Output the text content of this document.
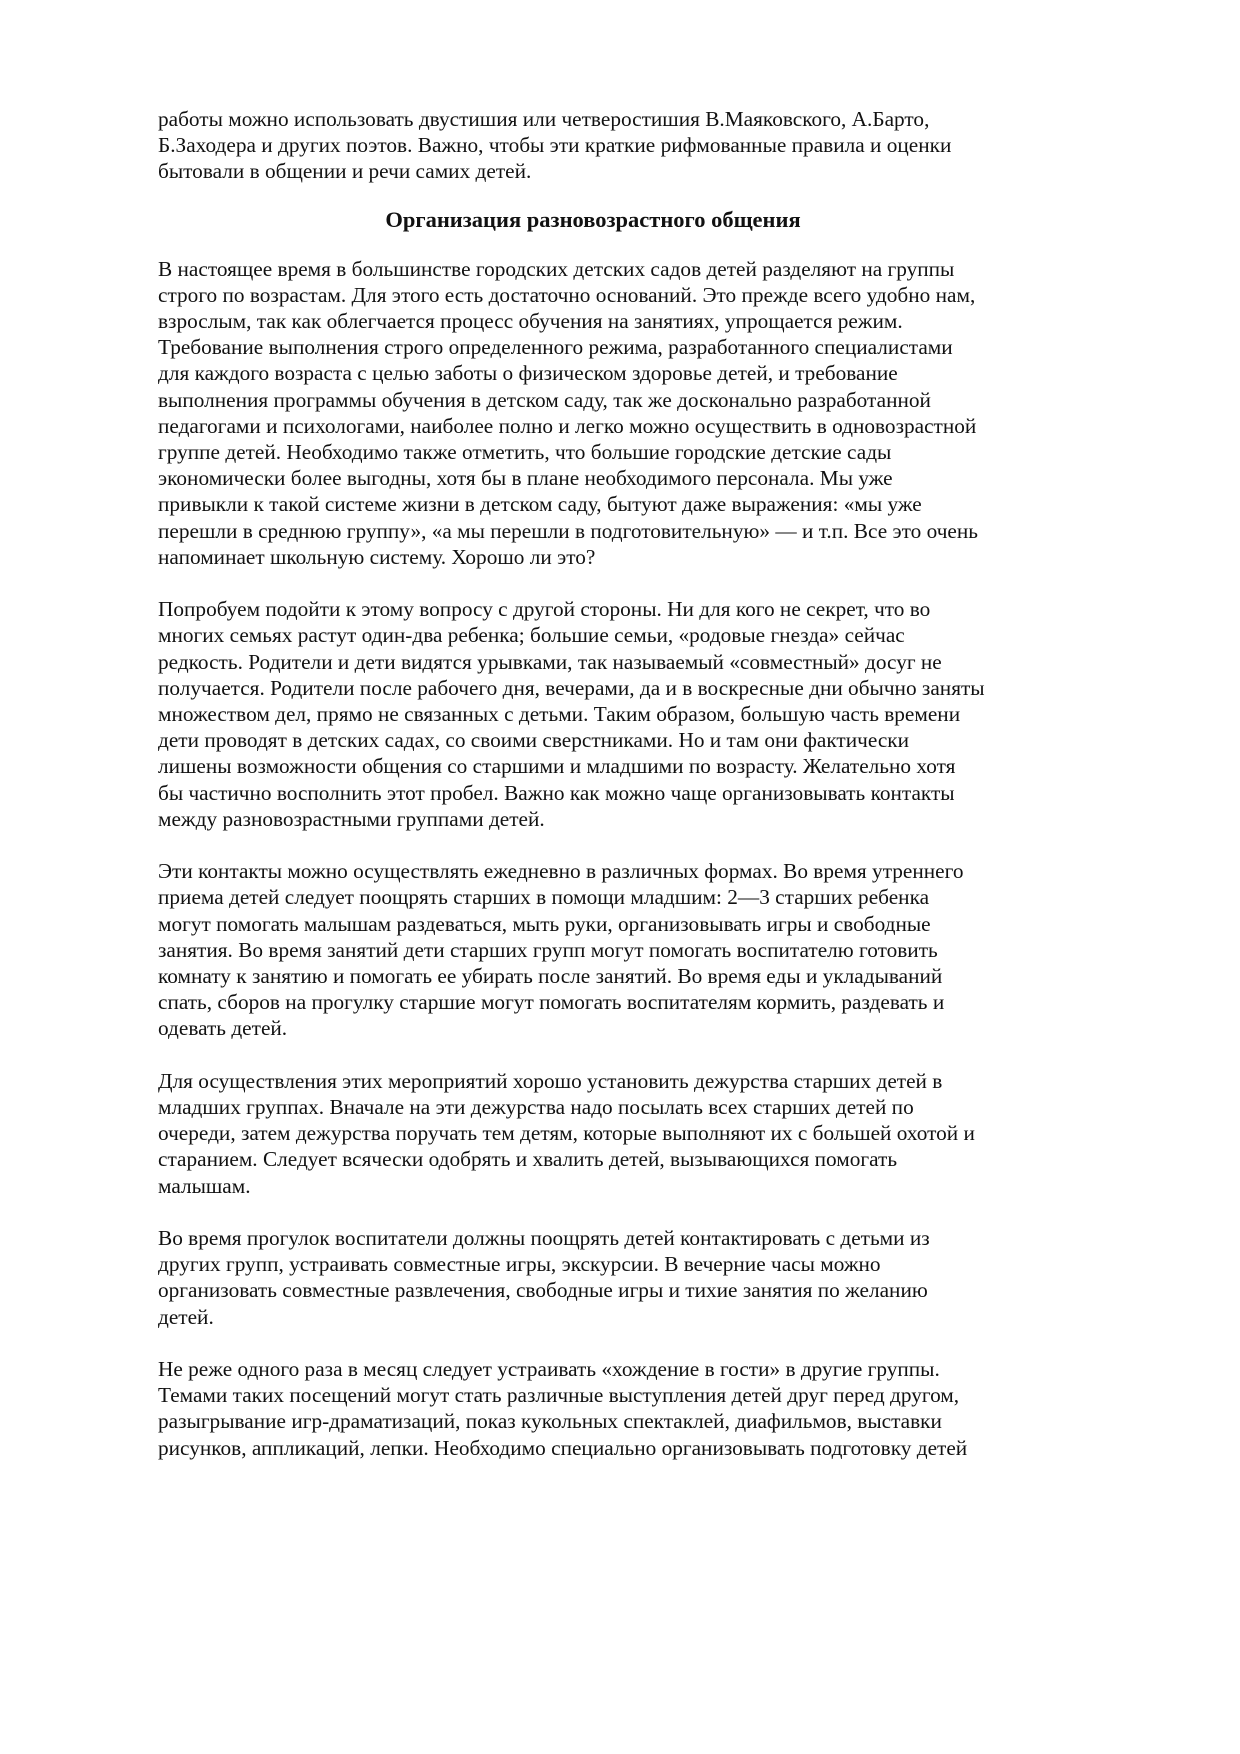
работы можно использовать двустишия или четверостишия В.Маяковского, А.Барто,
Б.Заходера и других поэтов. Важно, чтобы эти краткие рифмованные правила и оценки
бытовали в общении и речи самих детей.
Организация разновозрастного общения
В настоящее время в большинстве городских детских садов детей разделяют на группы
строго по возрастам. Для этого есть достаточно оснований. Это прежде всего удобно нам,
взрослым, так как облегчается процесс обучения на занятиях, упрощается режим.
Требование выполнения строго определенного режима, разработанного специалистами
для каждого возраста с целью заботы о физическом здоровье детей, и требование
выполнения программы обучения в детском саду, так же досконально разработанной
педагогами и психологами, наиболее полно и легко можно осуществить в одновозрастной
группе детей. Необходимо также отметить, что большие городские детские сады
экономически более выгодны, хотя бы в плане необходимого персонала. Мы уже
привыкли к такой системе жизни в детском саду, бытуют даже выражения: «мы уже
перешли в среднюю группу», «а мы перешли в подготовительную» — и т.п. Все это очень
напоминает школьную систему. Хорошо ли это?
Попробуем подойти к этому вопросу с другой стороны. Ни для кого не секрет, что во
многих семьях растут один-два ребенка; большие семьи, «родовые гнезда» сейчас
редкость. Родители и дети видятся урывками, так называемый «совместный» досуг не
получается. Родители после рабочего дня, вечерами, да и в воскресные дни обычно заняты
множеством дел, прямо не связанных с детьми. Таким образом, большую часть времени
дети проводят в детских садах, со своими сверстниками. Но и там они фактически
лишены возможности общения со старшими и младшими по возрасту. Желательно хотя
бы частично восполнить этот пробел. Важно как можно чаще организовывать контакты
между разновозрастными группами детей.
Эти контакты можно осуществлять ежедневно в различных формах. Во время утреннего
приема детей следует поощрять старших в помощи младшим: 2—3 старших ребенка
могут помогать малышам раздеваться, мыть руки, организовывать игры и свободные
занятия. Во время занятий дети старших групп могут помогать воспитателю готовить
комнату к занятию и помогать ее убирать после занятий. Во время еды и укладываний
спать, сборов на прогулку старшие могут помогать воспитателям кормить, раздевать и
одевать детей.
Для осуществления этих мероприятий хорошо установить дежурства старших детей в
младших группах. Вначале на эти дежурства надо посылать всех старших детей по
очереди, затем дежурства поручать тем детям, которые выполняют их с большей охотой и
старанием. Следует всячески одобрять и хвалить детей, вызывающихся помогать
малышам.
Во время прогулок воспитатели должны поощрять детей контактировать с детьми из
других групп, устраивать совместные игры, экскурсии. В вечерние часы можно
организовать совместные развлечения, свободные игры и тихие занятия по желанию
детей.
Не реже одного раза в месяц следует устраивать «хождение в гости» в другие группы.
Темами таких посещений могут стать различные выступления детей друг перед другом,
разыгрывание игр-драматизаций, показ кукольных спектаклей, диафильмов, выставки
рисунков, аппликаций, лепки. Необходимо специально организовывать подготовку детей
